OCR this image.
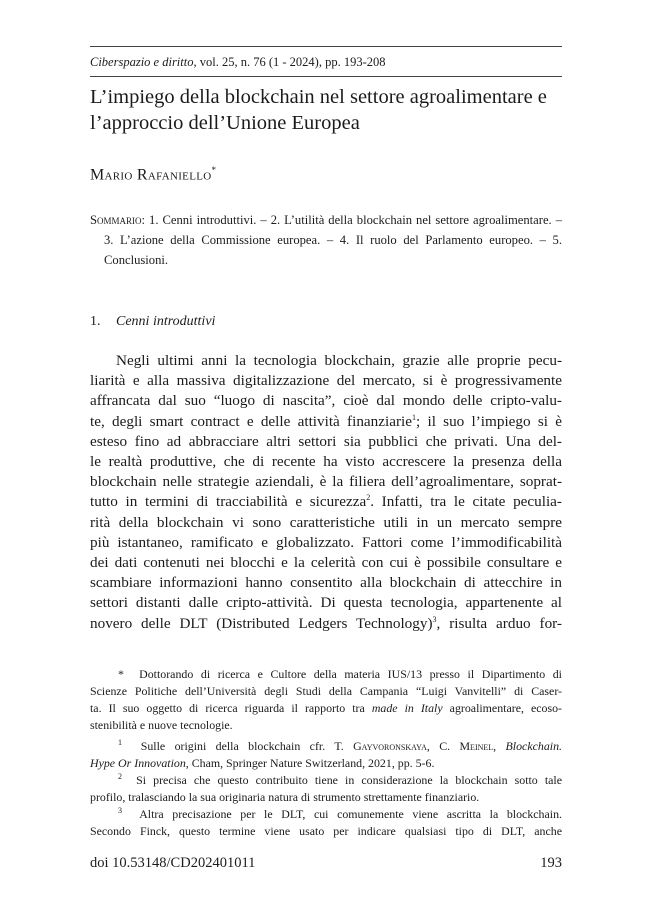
Ciberspazio e diritto, vol. 25, n. 76 (1 - 2024), pp. 193-208
L’impiego della blockchain nel settore agroalimentare e
l’approccio dell’Unione Europea
Mario Rafaniello*
Sommario: 1. Cenni introduttivi. – 2. L’utilità della blockchain nel settore agroalimentare. – 3. L’azione della Commissione europea. – 4. Il ruolo del Parlamento europeo. – 5. Conclusioni.
1. Cenni introduttivi
Negli ultimi anni la tecnologia blockchain, grazie alle proprie pecu-
liarità e alla massiva digitalizzazione del mercato, si è progressivamente
affrancata dal suo “luogo di nascita”, cioè dal mondo delle cripto-valu-
te, degli smart contract e delle attività finanziarie$^1$; il suo l’impiego si è
esteso fino ad abbracciare altri settori sia pubblici che privati. Una del-
le realtà produttive, che di recente ha visto accrescere la presenza della
blockchain nelle strategie aziendali, è la filiera dell’agroalimentare, soprat-
tutto in termini di tracciabilità e sicurezza$^2$. Infatti, tra le citate peculia-
rità della blockchain vi sono caratteristiche utili in un mercato sempre
più istantaneo, ramificato e globalizzato. Fattori come l’immodificabilità
dei dati contenuti nei blocchi e la celerità con cui è possibile consultare e
scambiare informazioni hanno consentito alla blockchain di attecchire in
settori distanti dalle cripto-attività. Di questa tecnologia, appartenente al
novero delle DLT (Distributed Ledgers Technology)$^3$, risulta arduo for-
* Dottorando di ricerca e Cultore della materia IUS/13 presso il Dipartimento di
Scienze Politiche dell’Università degli Studi della Campania “Luigi Vanvitelli” di Caser-
ta. Il suo oggetto di ricerca riguarda il rapporto tra made in Italy agroalimentare, ecoso-
stenibilità e nuove tecnologie.
$^1$ Sulle origini della blockchain cfr. T. Gayvoronskaya, C. Meinel, Blockchain.
Hype Or Innovation, Cham, Springer Nature Switzerland, 2021, pp. 5-6.
$^2$ Si precisa che questo contribuito tiene in considerazione la blockchain sotto tale
profilo, tralasciando la sua originaria natura di strumento strettamente finanziario.
$^3$ Altra precisazione per le DLT, cui comunemente viene ascritta la blockchain.
Secondo Finck, questo termine viene usato per indicare qualsiasi tipo di DLT, anche
doi 10.53148/CD202401011	193
